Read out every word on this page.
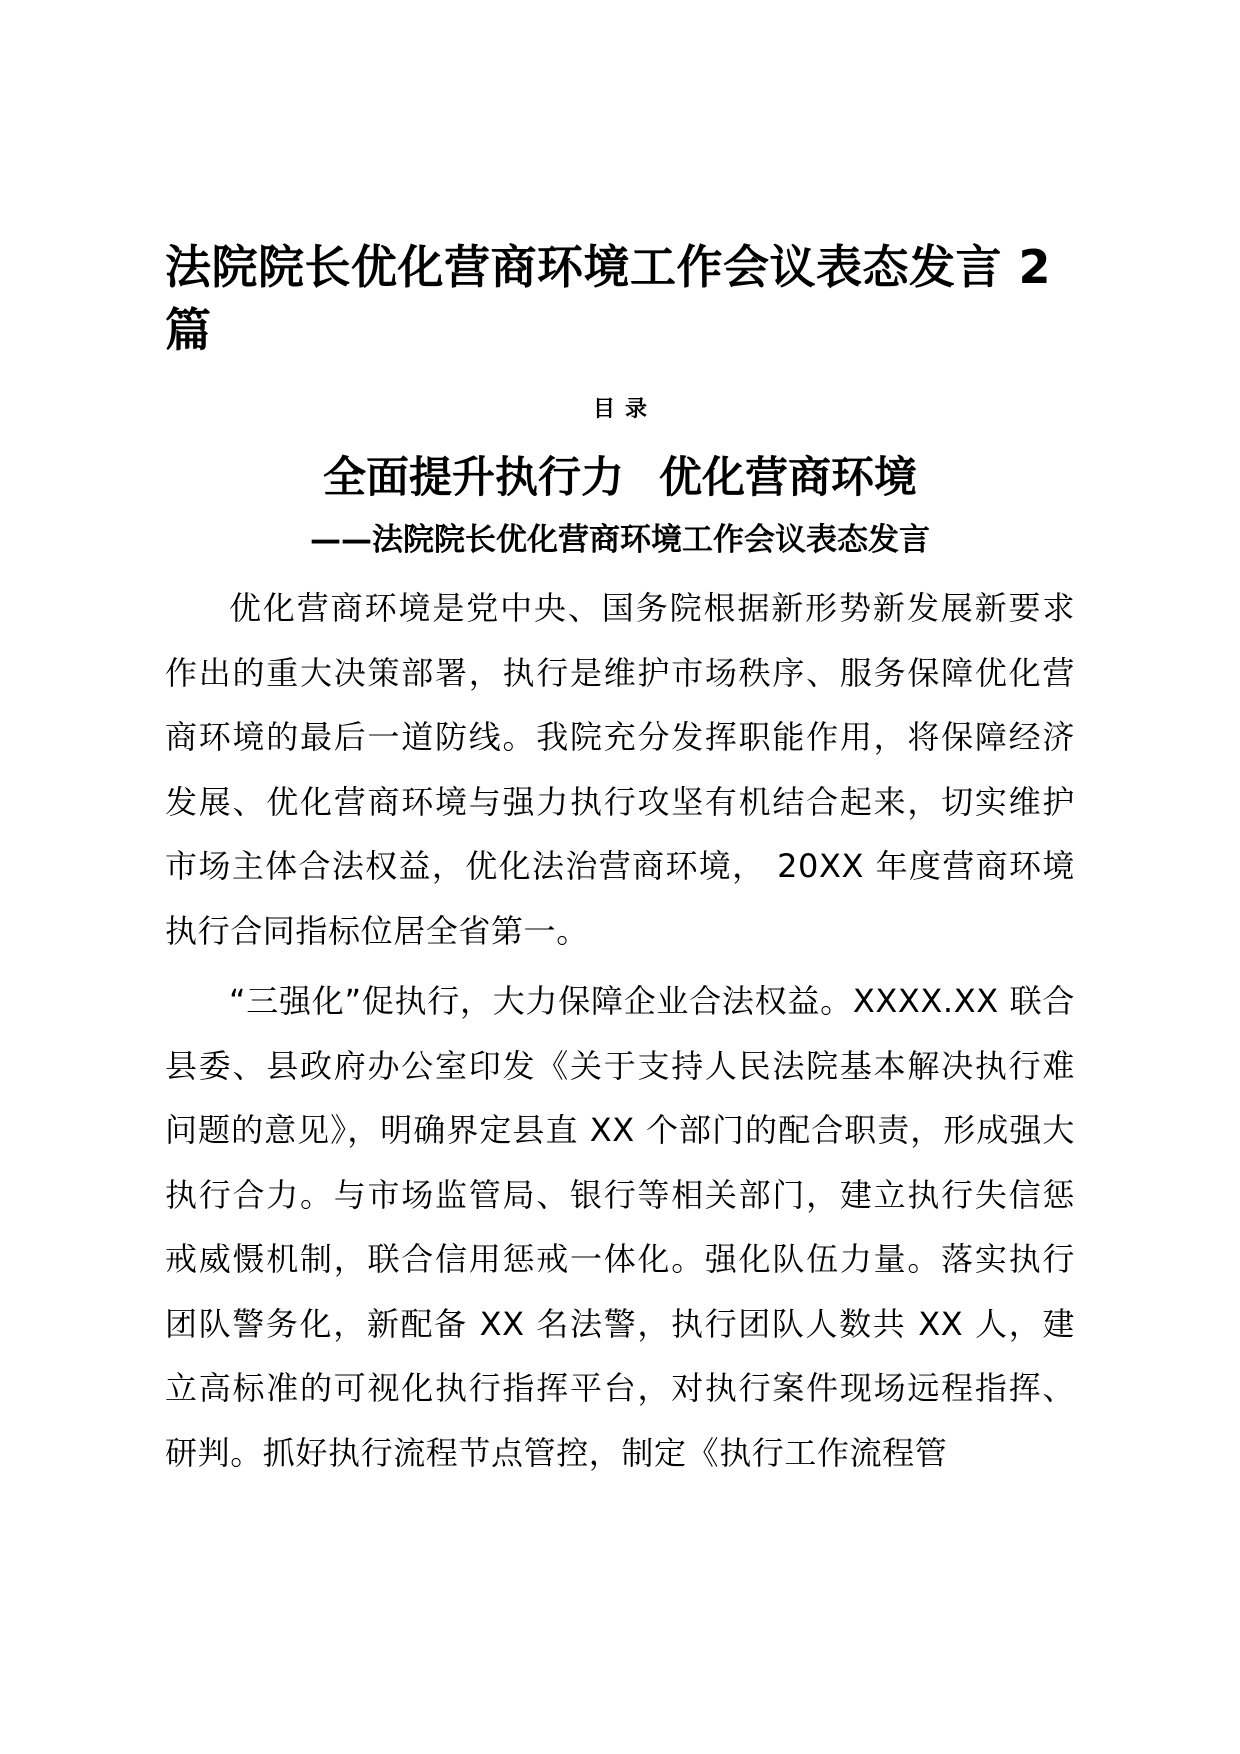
法院院长优化营商环境工作会议表态发言 2 篇
目录
全面提升执行力 优化营商环境
——法院院长优化营商环境工作会议表态发言

优化营商环境是党中央、国务院根据新形势新发展新要求作出的重大决策部署，执行是维护市场秩序、服务保障优化营商环境的最后一道防线。我院充分发挥职能作用，将保障经济发展、优化营商环境与强力执行攻坚有机结合起来，切实维护市场主体合法权益，优化法治营商环境， 20XX 年度营商环境执行合同指标位居全省第一。

“三强化”促执行，大力保障企业合法权益。XXXX.XX 联合县委、县政府办公室印发《关于支持人民法院基本解决执行难问题的意见》，明确界定县直 XX 个部门的配合职责，形成强大执行合力。与市场监管局、银行等相关部门，建立执行失信惩戒威慑机制，联合信用惩戒一体化。强化队伍力量。落实执行团队警务化，新配备 XX 名法警，执行团队人数共 XX 人，建立高标准的可视化执行指挥平台，对执行案件现场远程指挥、研判。抓好执行流程节点管控，制定《执行工作流程管
